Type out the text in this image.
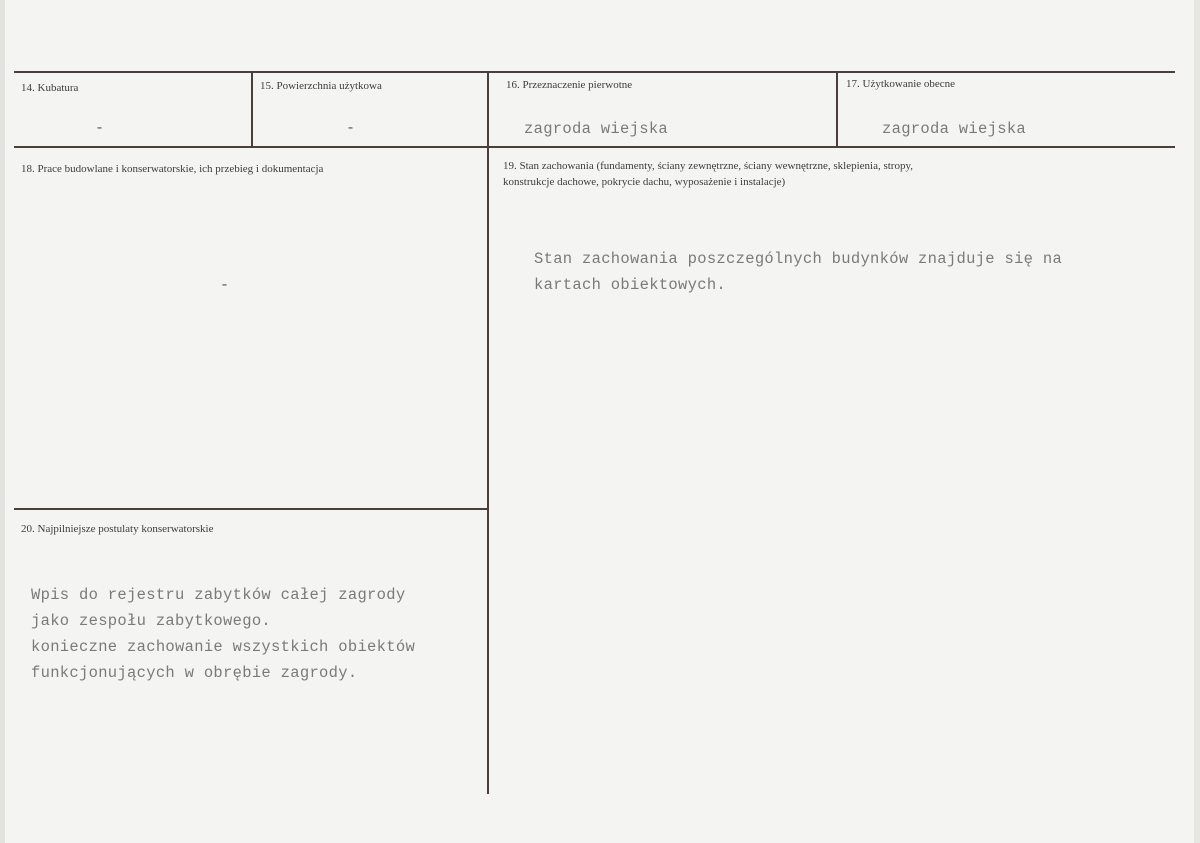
14. Kubatura
-
15. Powierzchnia użytkowa
-
16. Przeznaczenie pierwotne
zagroda wiejska
17. Użytkowanie obecne
zagroda wiejska
18. Prace budowlane i konserwatorskie, ich przebieg i dokumentacja
-
19. Stan zachowania (fundamenty, ściany zewnętrzne, ściany wewnętrzne, sklepienia, stropy,
konstrukcje dachowe, pokrycie dachu, wyposażenie i instalacje)
Stan zachowania poszczególnych budynków znajduje się na
kartach obiektowych.
20. Najpilniejsze postulaty konserwatorskie
Wpis do rejestru zabytków całej zagrody
jako zespołu zabytkowego.
konieczne zachowanie wszystkich obiektów
funkcjonujących w obrębie zagrody.
